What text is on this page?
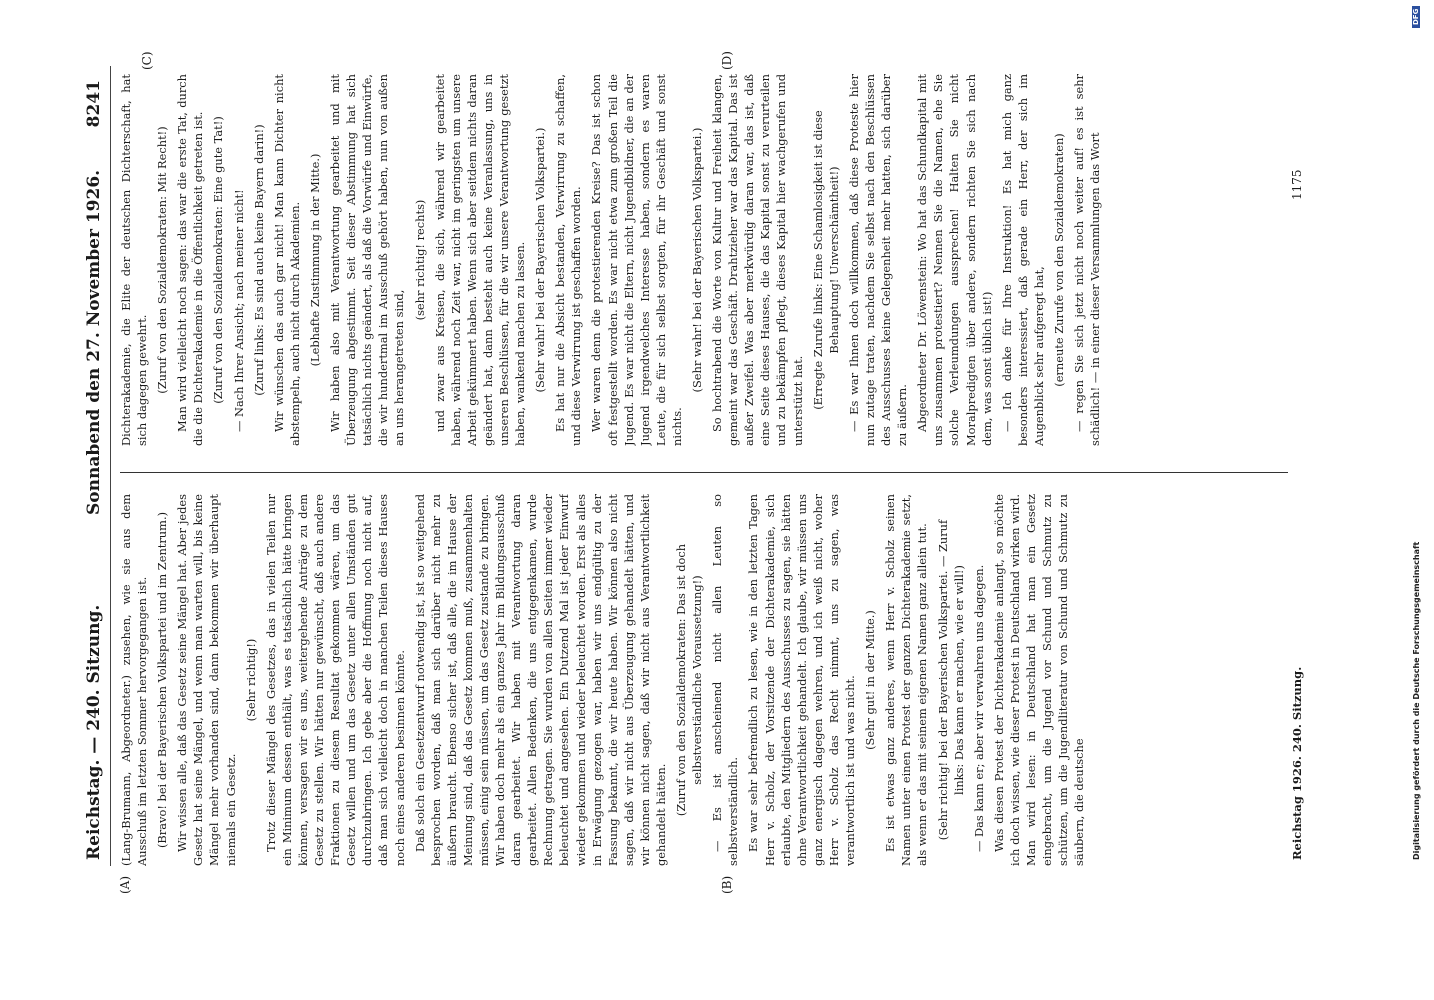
Reichstag. — 240. Sitzung.
Sonnabend den 27. November 1926.
8241
(A)	(B)
(C)	(D)

(Lang-Brumann, Abgeordneter.) zusehen, wie sie aus dem Ausschuß im letzten Sommer hervorgegangen ist. (Bravo! bei der Bayerischen Volkspartei und im Zentrum.) Wir wissen alle, daß das Gesetz seine Mängel hat. Aber jedes Gesetz hat seine Mängel, und wenn man warten will, bis keine Mängel mehr vorhanden sind, dann bekommen wir überhaupt niemals ein Gesetz.

(Sehr richtig!) Trotz dieser Mängel des Gesetzes, das in vielen Teilen nur ein Minimum dessen enthält, was es tatsächlich hätte bringen können, versagen wir es uns, weitergehende Anträge zu dem Gesetz zu stellen. Wir hätten nur gewünscht, daß auch andere Fraktionen zu diesem Resultat gekommen wären, um das Gesetz willen und um das Gesetz unter allen Umständen gut durchzubringen. Ich gebe aber die Hoffnung noch nicht auf, daß man sich vielleicht doch in manchen Teilen dieses Hauses noch eines anderen besinnen könnte. Daß solch ein Gesetzentwurf notwendig ist, ist so weitgehend besprochen worden, daß man sich darüber nicht mehr zu äußern braucht. Ebenso sicher ist, daß alle, die im Hause der Meinung sind, daß das Gesetz kommen muß, zusammenhalten müssen, einig sein müssen, um das Gesetz zustande zu bringen. Wir haben doch mehr als ein ganzes Jahr im Bildungsausschuß daran gearbeitet. Wir haben mit Verantwortung daran gearbeitet. Allen Bedenken, die uns entgegenkamen, wurde Rechnung getragen. Sie wurden von allen Seiten immer wieder beleuchtet und angesehen. Ein Dutzend Mal ist jeder Einwurf wieder gekommen und wieder beleuchtet worden. Erst als alles in Erwägung gezogen war, haben wir uns endgültig zu der Fassung bekannt, die wir heute haben. Wir können also nicht sagen, daß wir nicht aus Überzeugung gehandelt hätten, und wir können nicht sagen, daß wir nicht aus Verantwortlichkeit gehandelt hätten. (Zuruf von den Sozialdemokraten: Das ist doch selbstverständliche Voraussetzung!) — Es ist anscheinend nicht allen Leuten so selbstverständlich. Es war sehr befremdlich zu lesen, wie in den letzten Tagen Herr v. Scholz, der Vorsitzende der Dichterakademie, sich erlaubte, den Mitgliedern des Ausschusses zu sagen, sie hätten ohne Verantwortlichkeit gehandelt. Ich glaube, wir müssen uns ganz energisch dagegen wehren, und ich weiß nicht, woher Herr v. Scholz das Recht nimmt, uns zu sagen, was verantwortlich ist und was nicht. (Sehr gut! in der Mitte.) Es ist etwas ganz anderes, wenn Herr v. Scholz seinen Namen unter einen Protest der ganzen Dichterakademie setzt, als wenn er das mit seinem eigenen Namen ganz allein tut. (Sehr richtig! bei der Bayerischen Volkspartei. — Zuruf links: Das kann er machen, wie er will!) — Das kann er; aber wir verwahren uns dagegen. Was diesen Protest der Dichterakademie anlangt, so möchte ich doch wissen, wie dieser Protest in Deutschland wirken wird. Man wird lesen: in Deutschland hat man ein Gesetz eingebracht, um die Jugend vor Schund und Schmutz zu schützen, um die Jugendliteratur von Schund und Schmutz zu säubern, die deutsche

Dichterakademie, die Elite der deutschen Dichterschaft, hat sich dagegen gewehrt. (Zuruf von den Sozialdemokraten: Mit Recht!) Man wird vielleicht noch sagen: das war die erste Tat, durch die die Dichterakademie in die Öffentlichkeit getreten ist. (Zuruf von den Sozialdemokraten: Eine gute Tat!) — Nach Ihrer Ansicht; nach meiner nicht! (Zuruf links: Es sind auch keine Bayern darin!) Wir wünschen das auch gar nicht! Man kann Dichter nicht abstempeln, auch nicht durch Akademien. (Lebhafte Zustimmung in der Mitte.) Wir haben also mit Verantwortung gearbeitet und mit Überzeugung abgestimmt. Seit dieser Abstimmung hat sich tatsächlich nichts geändert, als daß die Vorwürfe und Einwürfe, die wir hundertmal im Ausschuß gehört haben, nun von außen an uns herangetreten sind,

(sehr richtig! rechts) und zwar aus Kreisen, die sich, während wir gearbeitet haben, während noch Zeit war, nicht im geringsten um unsere Arbeit gekümmert haben. Wenn sich aber seitdem nichts daran geändert hat, dann besteht auch keine Veranlassung, uns in unseren Beschlüssen, für die wir unsere Verantwortung gesetzt haben, wankend machen zu lassen. (Sehr wahr! bei der Bayerischen Volkspartei.) Es hat nur die Absicht bestanden, Verwirrung zu schaffen, und diese Verwirrung ist geschaffen worden. Wer waren denn die protestierenden Kreise? Das ist schon oft festgestellt worden. Es war nicht etwa zum großen Teil die Jugend. Es war nicht die Eltern, nicht Jugendbildner, die an der Jugend irgendwelches Interesse haben, sondern es waren Leute, die für sich selbst sorgten, für ihr Geschäft und sonst nichts.

(Sehr wahr! bei der Bayerischen Volkspartei.) So hochtrabend die Worte von Kultur und Freiheit klangen, gemeint war das Geschäft. Drahtzieher war das Kapital. Das ist außer Zweifel. Was aber merkwürdig daran war, das ist, daß eine Seite dieses Hauses, die das Kapital sonst zu verurteilen und zu bekämpfen pflegt, dieses Kapital hier wachgerufen und unterstützt hat. (Erregte Zurufe links: Eine Schamlosigkeit ist diese Behauptung! Unverschämtheit!) — Es war Ihnen doch willkommen, daß diese Proteste hier nun zutage traten, nachdem Sie selbst nach den Beschlüssen des Ausschusses keine Gelegenheit mehr hatten, sich darüber zu äußern. Abgeordneter Dr. Löwenstein: Wo hat das Schundkapital mit uns zusammen protestiert? Nennen Sie die Namen, ehe Sie solche Verleumdungen aussprechen! Halten Sie nicht Moralpredigten über andere, sondern richten Sie sich nach dem, was sonst üblich ist!) — Ich danke für Ihre Instruktion! Es hat mich ganz besonders interessiert, daß gerade ein Herr, der sich im Augenblick sehr aufgeregt hat, (erneute Zurufe von den Sozialdemokraten) — regen Sie sich jetzt nicht noch weiter auf! es ist sehr schädlich! — in einer dieser Versammlungen das Wort

Reichstag 1926. 240. Sitzung.
1175
Digitalisierung gefördert durch die Deutsche Forschungsgemeinschaft
DFG
